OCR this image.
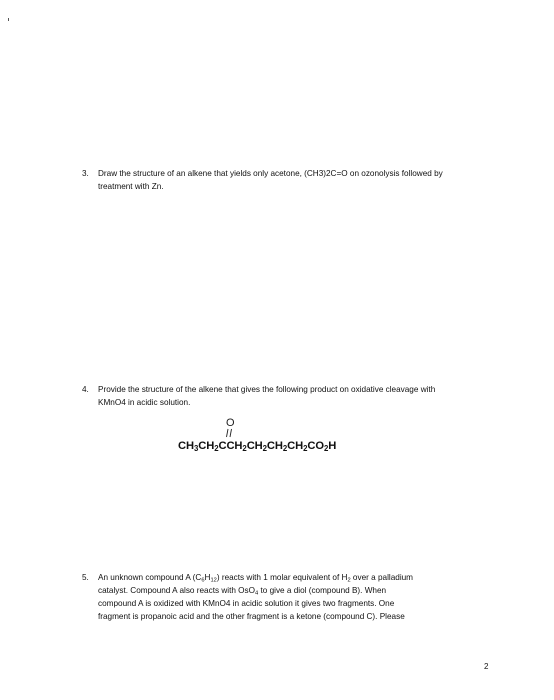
3. Draw the structure of an alkene that yields only acetone, (CH3)2C=O on ozonolysis followed by
treatment with Zn.
4. Provide the structure of the alkene that gives the following product on oxidative cleavage with
KMnO4 in acidic solution.
O
$CH_3CH_2CCH_2CH_2CH_2CH_2CO_2H$
5. An unknown compound A $(C_6H_{12})$ reacts with 1 molar equivalent of $H_2$ over a palladium
catalyst. Compound A also reacts with OsO$_4$ to give a diol (compound B). When
compound A is oxidized with KMnO4 in acidic solution it gives two fragments. One
fragment is propanoic acid and the other fragment is a ketone (compound C). Please
2
